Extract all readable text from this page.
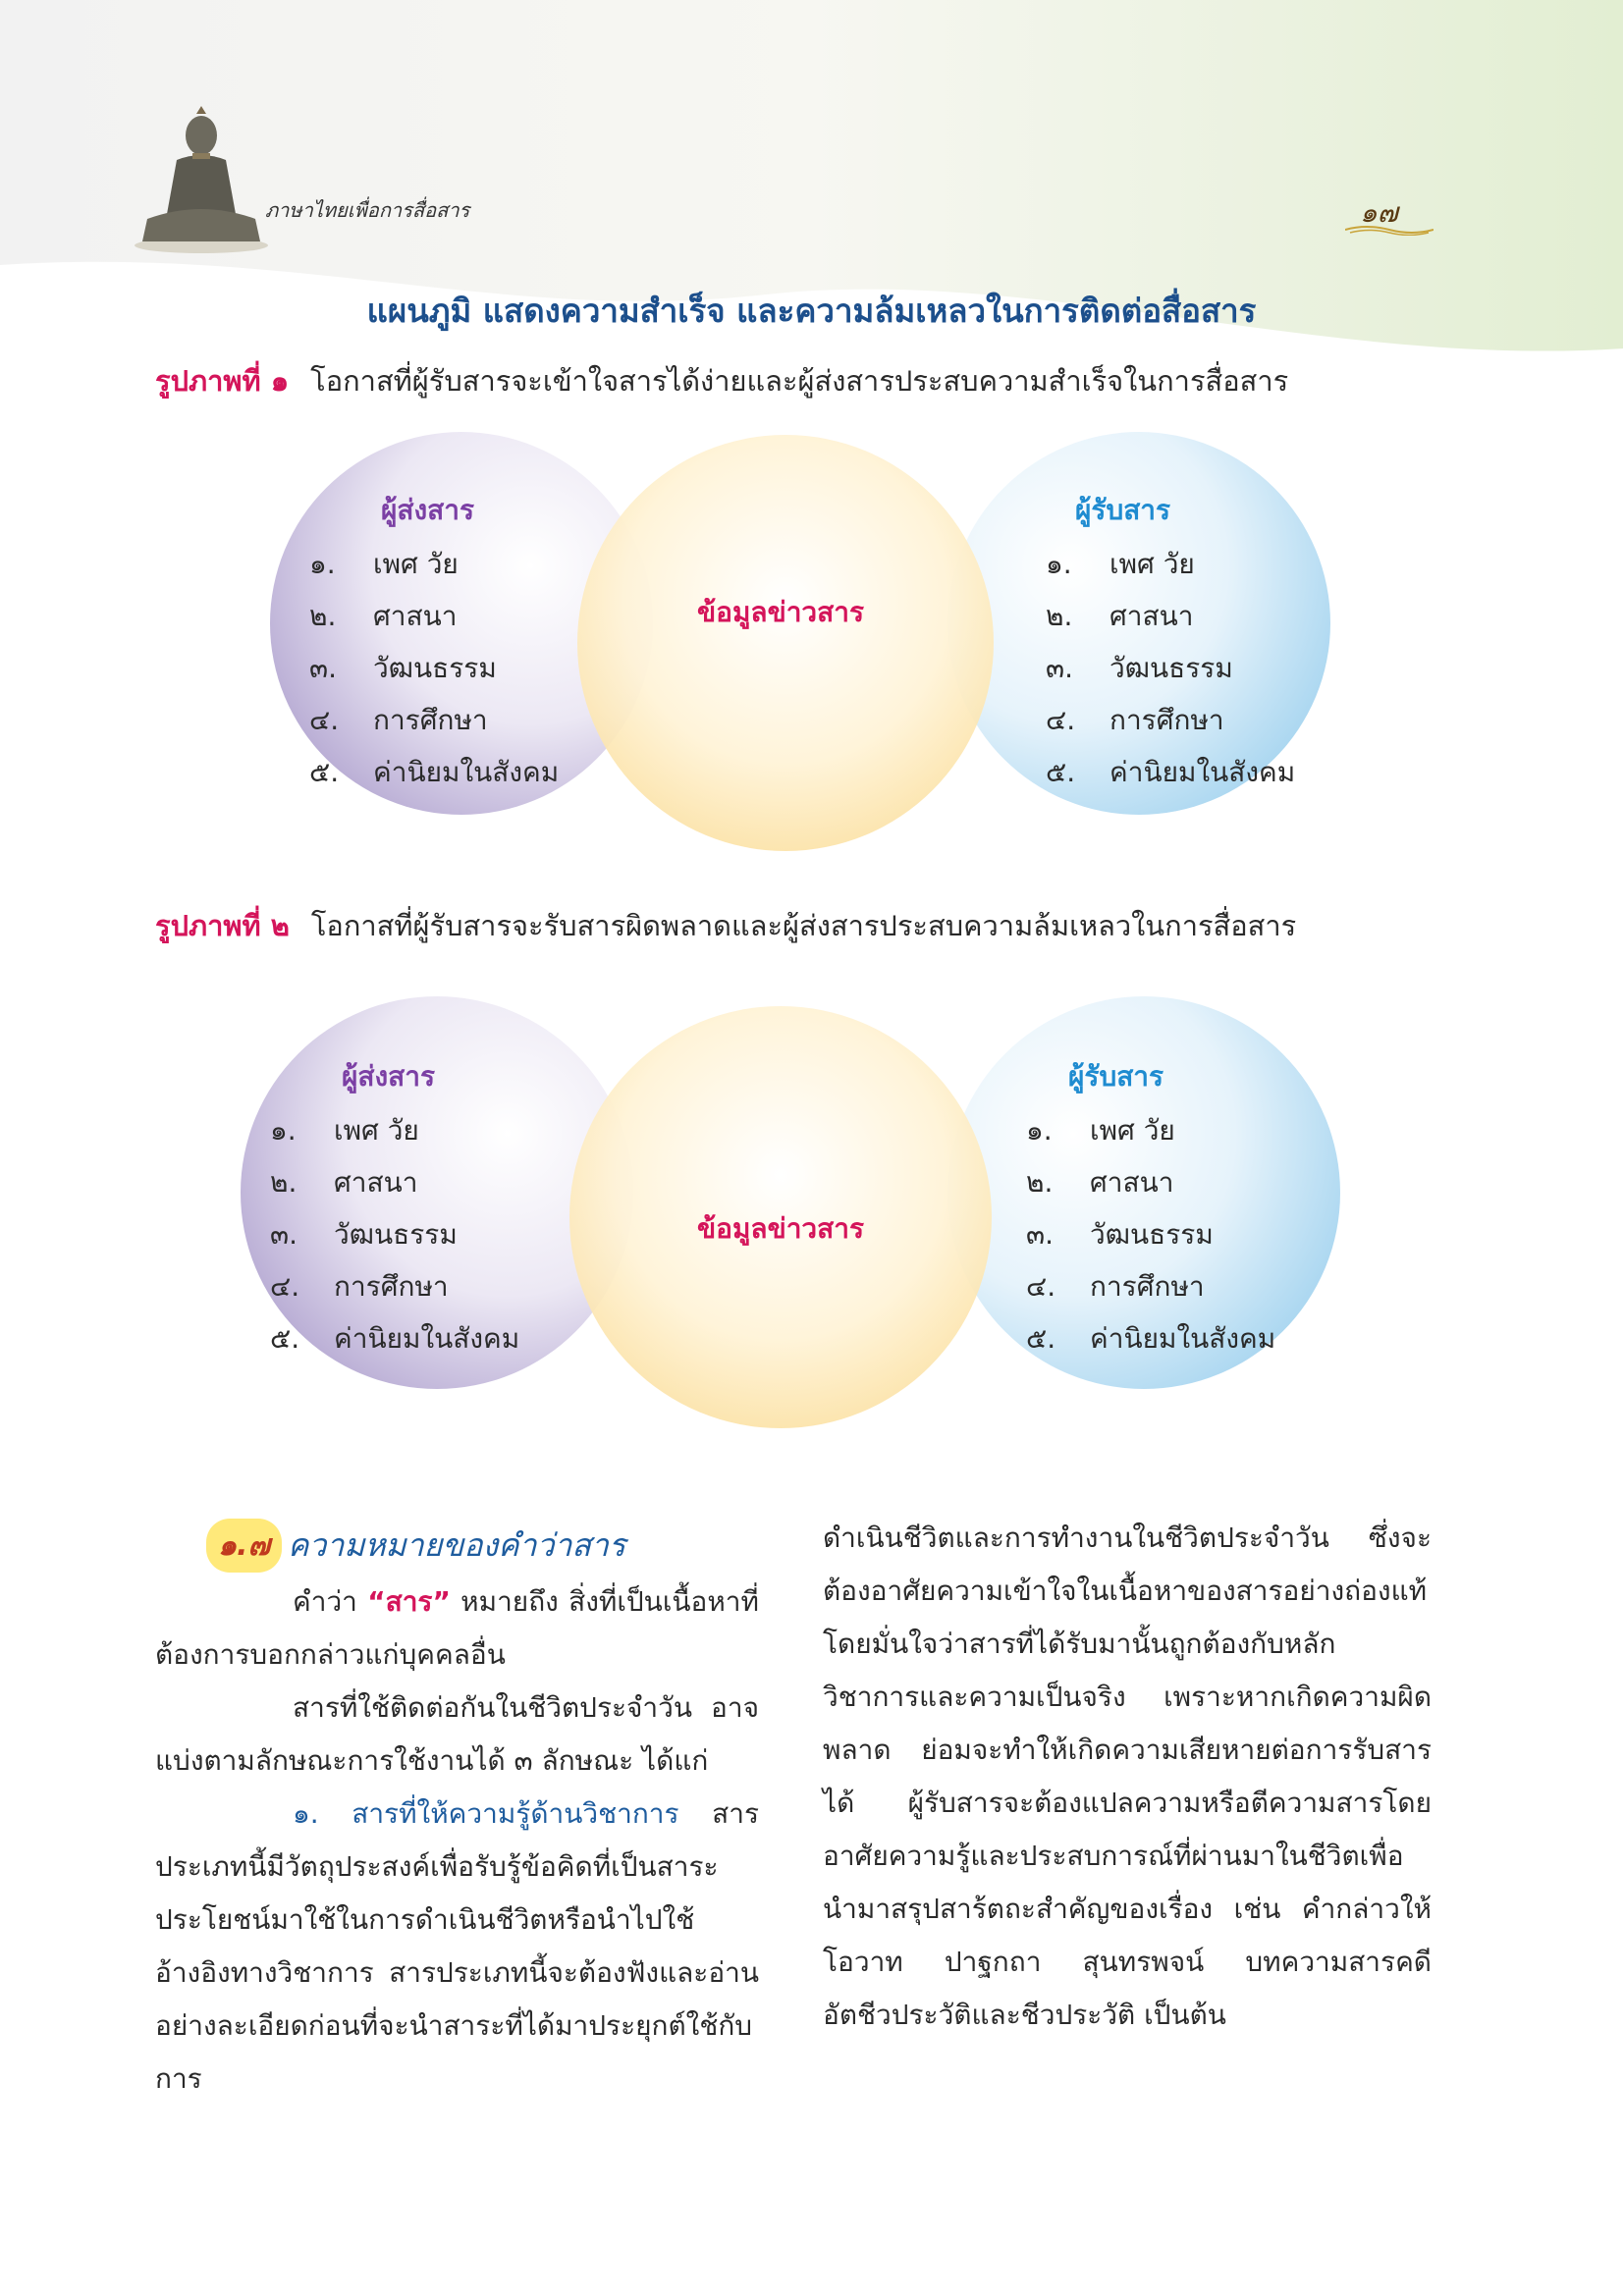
ภาษาไทยเพื่อการสื่อสาร	๑๗
แผนภูมิ แสดงความสำเร็จ และความล้มเหลวในการติดต่อสื่อสาร
รูปภาพที่ ๑ โอกาสที่ผู้รับสารจะเข้าใจสารได้ง่ายและผู้ส่งสารประสบความสำเร็จในการสื่อสาร
ผู้ส่งสาร
๑. เพศ วัย
๒. ศาสนา
๓. วัฒนธรรม
๔. การศึกษา
๕. ค่านิยมในสังคม
ข้อมูลข่าวสาร
ผู้รับสาร
๑. เพศ วัย
๒. ศาสนา
๓. วัฒนธรรม
๔. การศึกษา
๕. ค่านิยมในสังคม
รูปภาพที่ ๒ โอกาสที่ผู้รับสารจะรับสารผิดพลาดและผู้ส่งสารประสบความล้มเหลวในการสื่อสาร
ผู้ส่งสาร
๑. เพศ วัย
๒. ศาสนา
๓. วัฒนธรรม
๔. การศึกษา
๕. ค่านิยมในสังคม
ข้อมูลข่าวสาร
ผู้รับสาร
๑. เพศ วัย
๒. ศาสนา
๓. วัฒนธรรม
๔. การศึกษา
๕. ค่านิยมในสังคม
๑.๗ ความหมายของคำว่าสาร

คำว่า “สาร” หมายถึง สิ่งที่เป็นเนื้อหาที่ต้องการบอกกล่าวแก่บุคคลอื่น

สารที่ใช้ติดต่อกันในชีวิตประจำวัน อาจแบ่งตามลักษณะการใช้งานได้ ๓ ลักษณะ ได้แก่

๑. สารที่ให้ความรู้ด้านวิชาการ สารประเภทนี้มีวัตถุประสงค์เพื่อรับรู้ข้อคิดที่เป็นสาระประโยชน์มาใช้ในการดำเนินชีวิตหรือนำไปใช้อ้างอิงทางวิชาการ สารประเภทนี้จะต้องฟังและอ่านอย่างละเอียดก่อนที่จะนำสาระที่ได้มาประยุกต์ใช้กับการ

ดำเนินชีวิตและการทำงานในชีวิตประจำวัน ซึ่งจะต้องอาศัยความเข้าใจในเนื้อหาของสารอย่างถ่องแท้ โดยมั่นใจว่าสารที่ได้รับมานั้นถูกต้องกับหลักวิชาการและความเป็นจริง เพราะหากเกิดความผิดพลาด ย่อมจะทำให้เกิดความเสียหายต่อการรับสารได้ ผู้รับสารจะต้องแปลความหรือตีความสารโดยอาศัยความรู้และประสบการณ์ที่ผ่านมาในชีวิตเพื่อนำมาสรุปสาร้ตถะสำคัญของเรื่อง เช่น คำกล่าวให้โอวาท ปาฐกถา สุนทรพจน์ บทความสารคดี อัตชีวประวัติและชีวประวัติ เป็นต้น
